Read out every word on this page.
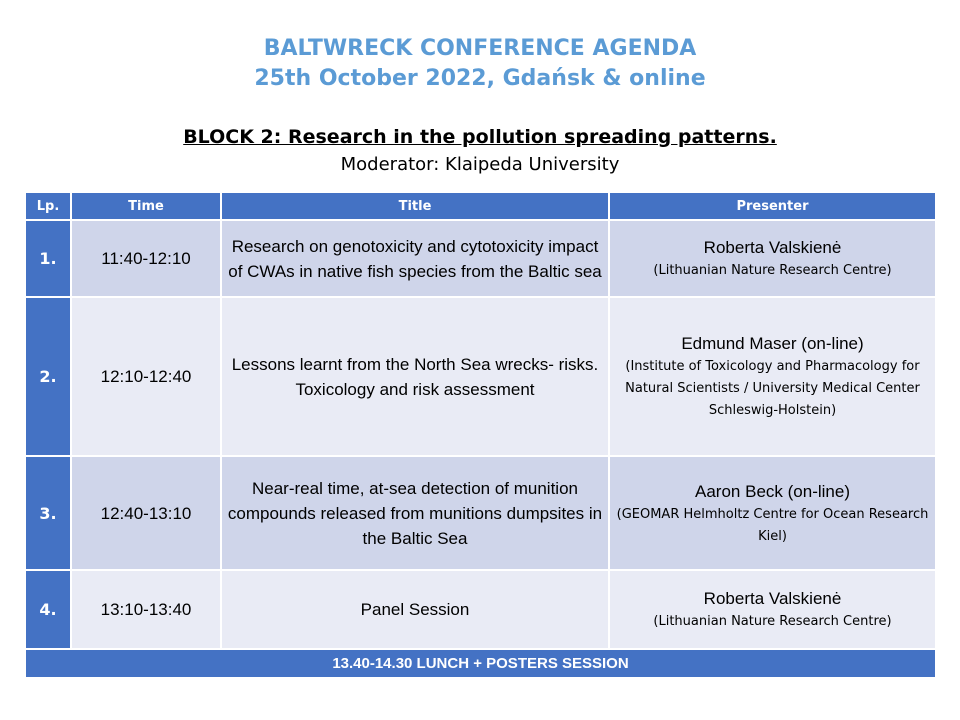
BALTWRECK CONFERENCE AGENDA
25th October 2022, Gdańsk & online
BLOCK 2: Research in the pollution spreading patterns.
Moderator: Klaipeda University
Lp.	Time	Title	Presenter
1.	11:40-12:10	Research on genotoxicity and cytotoxicity impact of CWAs in native fish species from the Baltic sea	Roberta Valskienė
(Lithuanian Nature Research Centre)

2.	12:10-12:40	Lessons learnt from the North Sea wrecks- risks. Toxicology and risk assessment	Edmund Maser (on-line)
(Institute of Toxicology and Pharmacology for Natural Scientists / University Medical Center Schleswig-Holstein)

3.	12:40-13:10	Near-real time, at-sea detection of munition compounds released from munitions dumpsites in the Baltic Sea	Aaron Beck (on-line)
(GEOMAR Helmholtz Centre for Ocean Research Kiel)

4.	13:10-13:40	Panel Session	Roberta Valskienė
(Lithuanian Nature Research Centre)

13.40-14.30 LUNCH + POSTERS SESSION			
